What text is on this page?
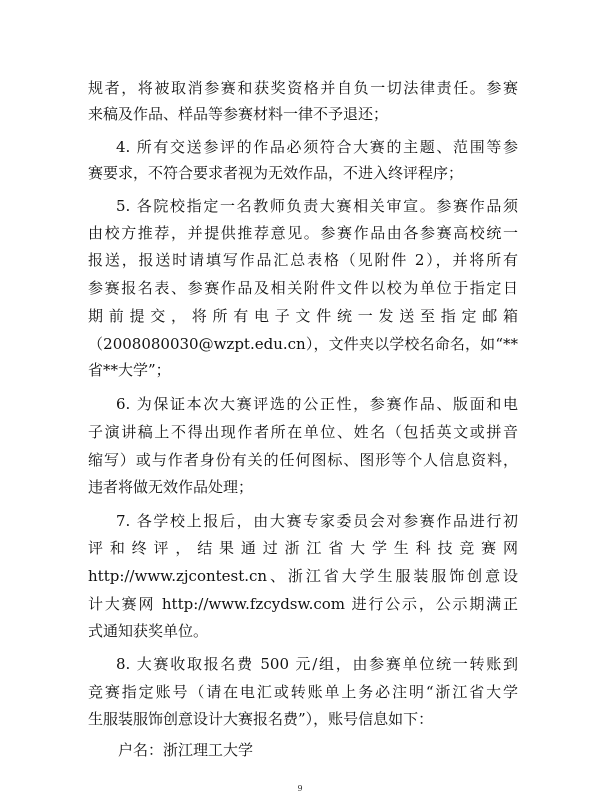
规者，将被取消参赛和获奖资格并自负一切法律责任。参赛
来稿及作品、样品等参赛材料一律不予退还；
4. 所有交送参评的作品必须符合大赛的主题、范围等参
赛要求，不符合要求者视为无效作品，不进入终评程序；
5. 各院校指定一名教师负责大赛相关审宣。参赛作品须
由校方推荐，并提供推荐意见。参赛作品由各参赛高校统一
报送，报送时请填写作品汇总表格（见附件 2），并将所有
参赛报名表、参赛作品及相关附件文件以校为单位于指定日
期前提交，将所有电子文件统一发送至指定邮箱
（2008080030@wzpt.edu.cn），文件夹以学校名命名，如“**
省**大学”；
6. 为保证本次大赛评选的公正性，参赛作品、版面和电
子演讲稿上不得出现作者所在单位、姓名（包括英文或拼音
缩写）或与作者身份有关的任何图标、图形等个人信息资料，
违者将做无效作品处理；
7. 各学校上报后，由大赛专家委员会对参赛作品进行初
评和终评，结果通过浙江省大学生科技竞赛网
http://www.zjcontest.cn、浙江省大学生服装服饰创意设
计大赛网 http://www.fzcydsw.com 进行公示，公示期满正
式通知获奖单位。
8. 大赛收取报名费 500 元/组，由参赛单位统一转账到
竞赛指定账号（请在电汇或转账单上务必注明“浙江省大学
生服装服饰创意设计大赛报名费”），账号信息如下：
户名：浙江理工大学
9
